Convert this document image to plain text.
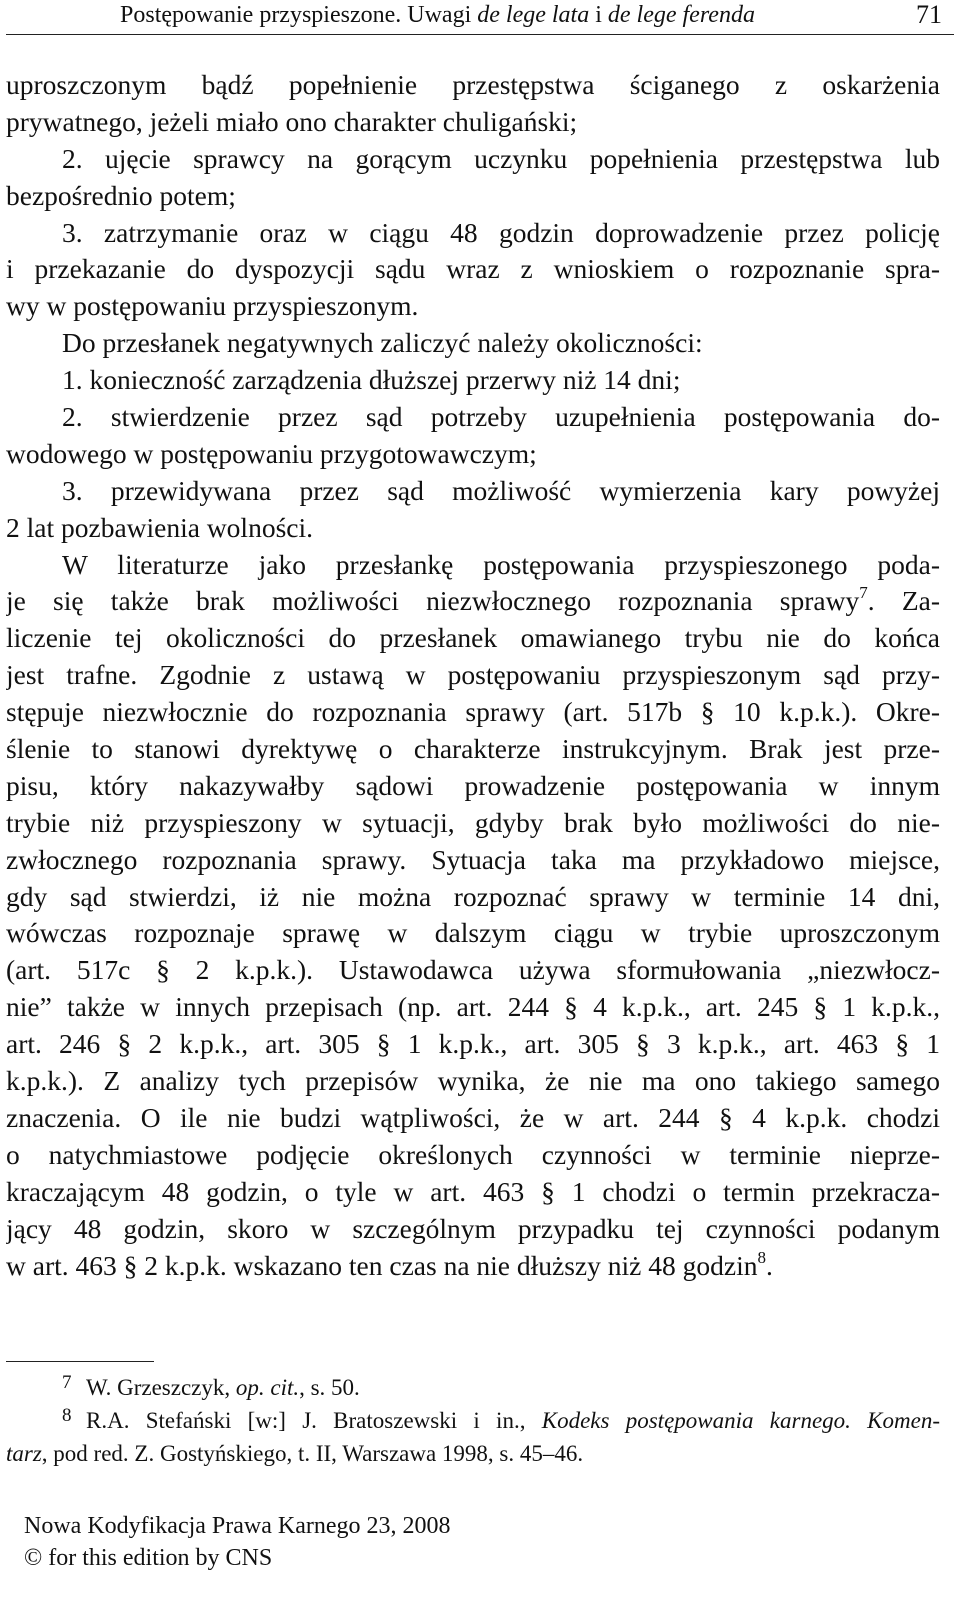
Postępowanie przyspieszone. Uwagi de lege lata i de lege ferenda	71
uproszczonym bądź popełnienie przestępstwa ściganego z oskarżenia
prywatnego, jeżeli miało ono charakter chuligański;
2. ujęcie sprawcy na gorącym uczynku popełnienia przestępstwa lub
bezpośrednio potem;
3. zatrzymanie oraz w ciągu 48 godzin doprowadzenie przez policję
i przekazanie do dyspozycji sądu wraz z wnioskiem o rozpoznanie spra-
wy w postępowaniu przyspieszonym.
Do przesłanek negatywnych zaliczyć należy okoliczności:
1. konieczność zarządzenia dłuższej przerwy niż 14 dni;
2. stwierdzenie przez sąd potrzeby uzupełnienia postępowania do-
wodowego w postępowaniu przygotowawczym;
3. przewidywana przez sąd możliwość wymierzenia kary powyżej
2 lat pozbawienia wolności.
W literaturze jako przesłankę postępowania przyspieszonego poda-
je się także brak możliwości niezwłocznego rozpoznania sprawy$^7$. Za-
liczenie tej okoliczności do przesłanek omawianego trybu nie do końca
jest trafne. Zgodnie z ustawą w postępowaniu przyspieszonym sąd przy-
stępuje niezwłocznie do rozpoznania sprawy (art. 517b § 10 k.p.k.). Okre-
ślenie to stanowi dyrektywę o charakterze instrukcyjnym. Brak jest prze-
pisu, który nakazywałby sądowi prowadzenie postępowania w innym
trybie niż przyspieszony w sytuacji, gdyby brak było możliwości do nie-
zwłocznego rozpoznania sprawy. Sytuacja taka ma przykładowo miejsce,
gdy sąd stwierdzi, iż nie można rozpoznać sprawy w terminie 14 dni,
wówczas rozpoznaje sprawę w dalszym ciągu w trybie uproszczonym
(art. 517c § 2 k.p.k.). Ustawodawca używa sformułowania „niezwłocz-
nie” także w innych przepisach (np. art. 244 § 4 k.p.k., art. 245 § 1 k.p.k.,
art. 246 § 2 k.p.k., art. 305 § 1 k.p.k., art. 305 § 3 k.p.k., art. 463 § 1
k.p.k.). Z analizy tych przepisów wynika, że nie ma ono takiego samego
znaczenia. O ile nie budzi wątpliwości, że w art. 244 § 4 k.p.k. chodzi
o natychmiastowe podjęcie określonych czynności w terminie nieprze-
kraczającym 48 godzin, o tyle w art. 463 § 1 chodzi o termin przekracza-
jący 48 godzin, skoro w szczególnym przypadku tej czynności podanym
w art. 463 § 2 k.p.k. wskazano ten czas na nie dłuższy niż 48 godzin$^8$.
7 W. Grzeszczyk, op. cit., s. 50.
8 R.A. Stefański [w:] J. Bratoszewski i in., Kodeks postępowania karnego. Komen-
tarz, pod red. Z. Gostyńskiego, t. II, Warszawa 1998, s. 45–46.
Nowa Kodyfikacja Prawa Karnego 23, 2008
© for this edition by CNS
